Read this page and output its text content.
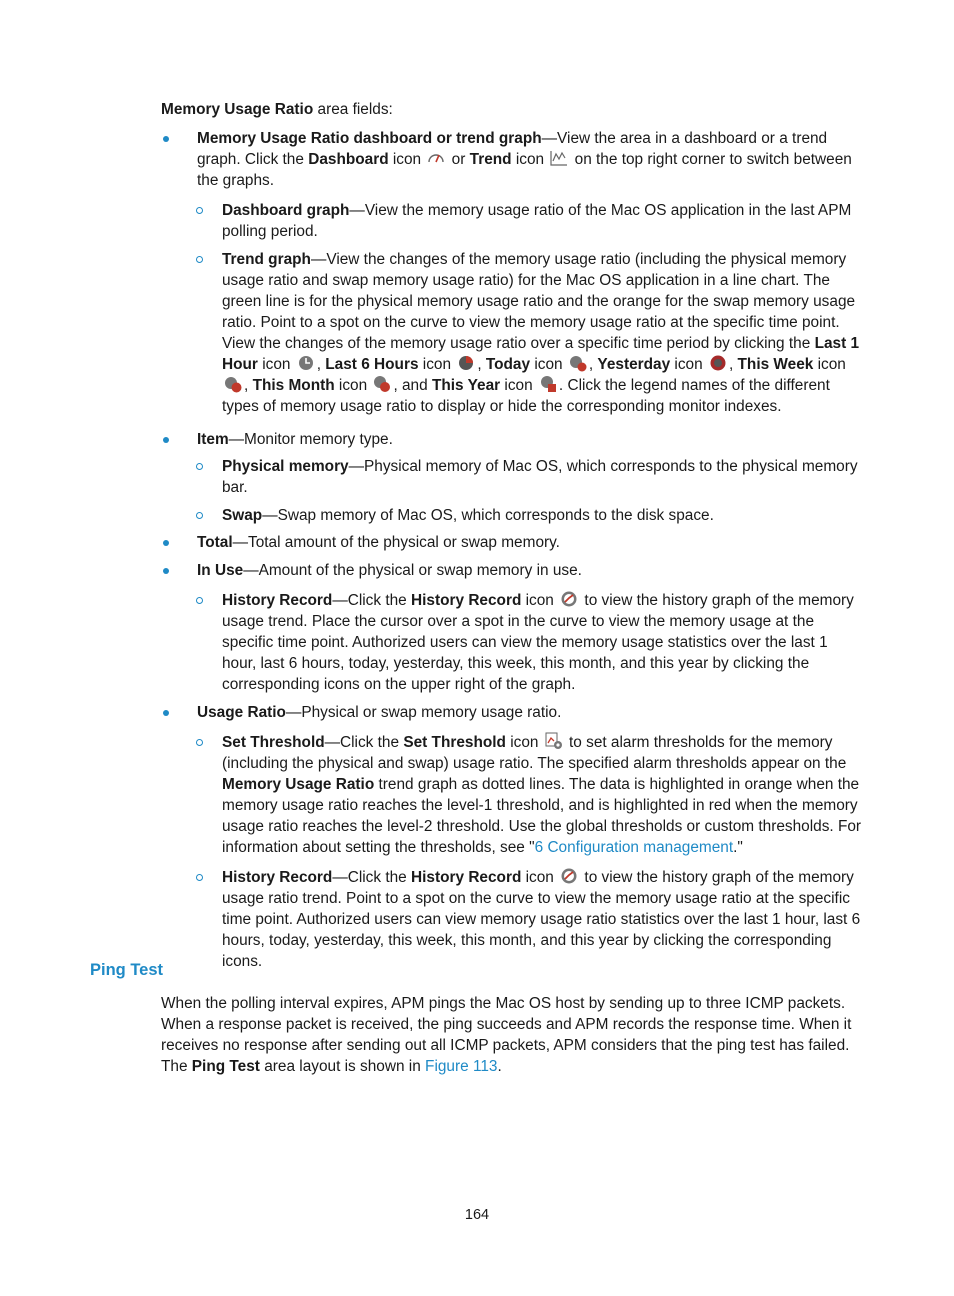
Memory Usage Ratio area fields:

Memory Usage Ratio dashboard or trend graph—View the area in a dashboard or a trend graph. Click the Dashboard icon
or Trend icon
on the top right corner to switch between the graphs.

Dashboard graph—View the memory usage ratio of the Mac OS application in the last APM polling period.

Trend graph—View the changes of the memory usage ratio (including the physical memory usage ratio and swap memory usage ratio) for the Mac OS application in a line chart. The green line is for the physical memory usage ratio and the orange for the swap memory usage ratio. Point to a spot on the curve to view the memory usage ratio at the specific time point. View the changes of the memory usage ratio over a specific time period by clicking the Last 1 Hour icon
, Last 6 Hours icon
, Today icon
, Yesterday icon
, This Week icon
, This Month icon
, and This Year icon
. Click the legend names of the different types of memory usage ratio to display or hide the corresponding monitor indexes.

Item—Monitor memory type.

Physical memory—Physical memory of Mac OS, which corresponds to the physical memory bar.

Swap—Swap memory of Mac OS, which corresponds to the disk space.

Total—Total amount of the physical or swap memory.

In Use—Amount of the physical or swap memory in use.

History Record—Click the History Record icon
to view the history graph of the memory usage trend. Place the cursor over a spot in the curve to view the memory usage at the specific time point. Authorized users can view the memory usage statistics over the last 1 hour, last 6 hours, today, yesterday, this week, this month, and this year by clicking the corresponding icons on the upper right of the graph.

Usage Ratio—Physical or swap memory usage ratio.

Set Threshold—Click the Set Threshold icon
to set alarm thresholds for the memory (including the physical and swap) usage ratio. The specified alarm thresholds appear on the Memory Usage Ratio trend graph as dotted lines. The data is highlighted in orange when the memory usage ratio reaches the level-1 threshold, and is highlighted in red when the memory usage ratio reaches the level-2 threshold. Use the global thresholds or custom thresholds. For information about setting the thresholds, see "6 Configuration management."

History Record—Click the History Record icon
to view the history graph of the memory usage ratio trend. Point to a spot on the curve to view the memory usage ratio at the specific time point. Authorized users can view memory usage ratio statistics over the last 1 hour, last 6 hours, today, yesterday, this week, this month, and this year by clicking the corresponding icons.

Ping Test

When the polling interval expires, APM pings the Mac OS host by sending up to three ICMP packets. When a response packet is received, the ping succeeds and APM records the response time. When it receives no response after sending out all ICMP packets, APM considers that the ping test has failed. The Ping Test area layout is shown in Figure 113.

164
